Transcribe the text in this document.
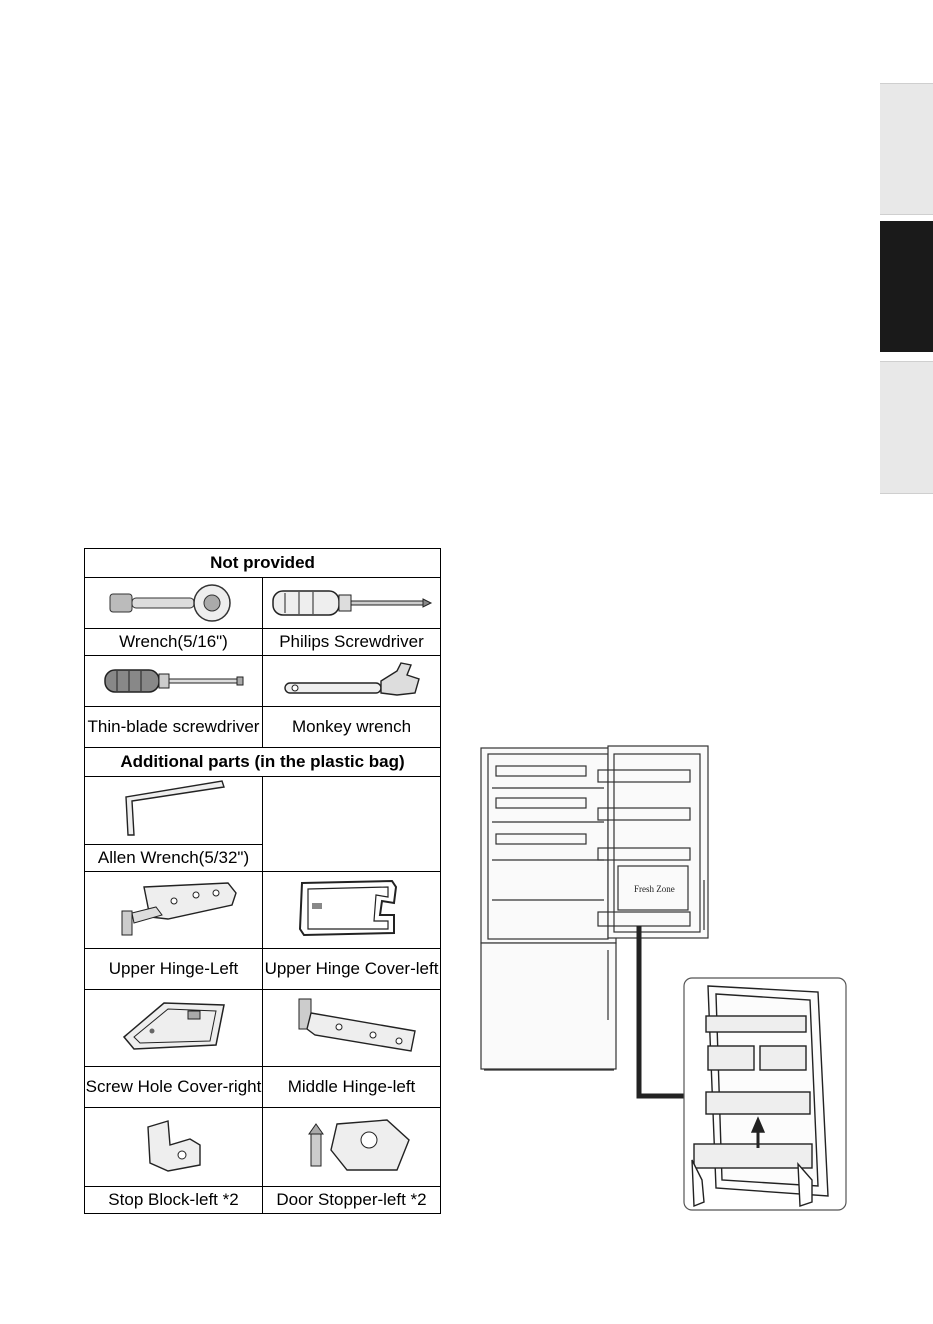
Not provided	

Wrench(5/16")	Philips Screwdriver

Thin-blade screwdriver	Monkey wrench
Additional parts (in the plastic bag)	

Allen Wrench(5/32")	

Upper Hinge-Left	Upper Hinge Cover-left

Screw Hole Cover-right	Middle Hinge-left

Stop Block-left *2	Door Stopper-left *2
Fresh Zone
